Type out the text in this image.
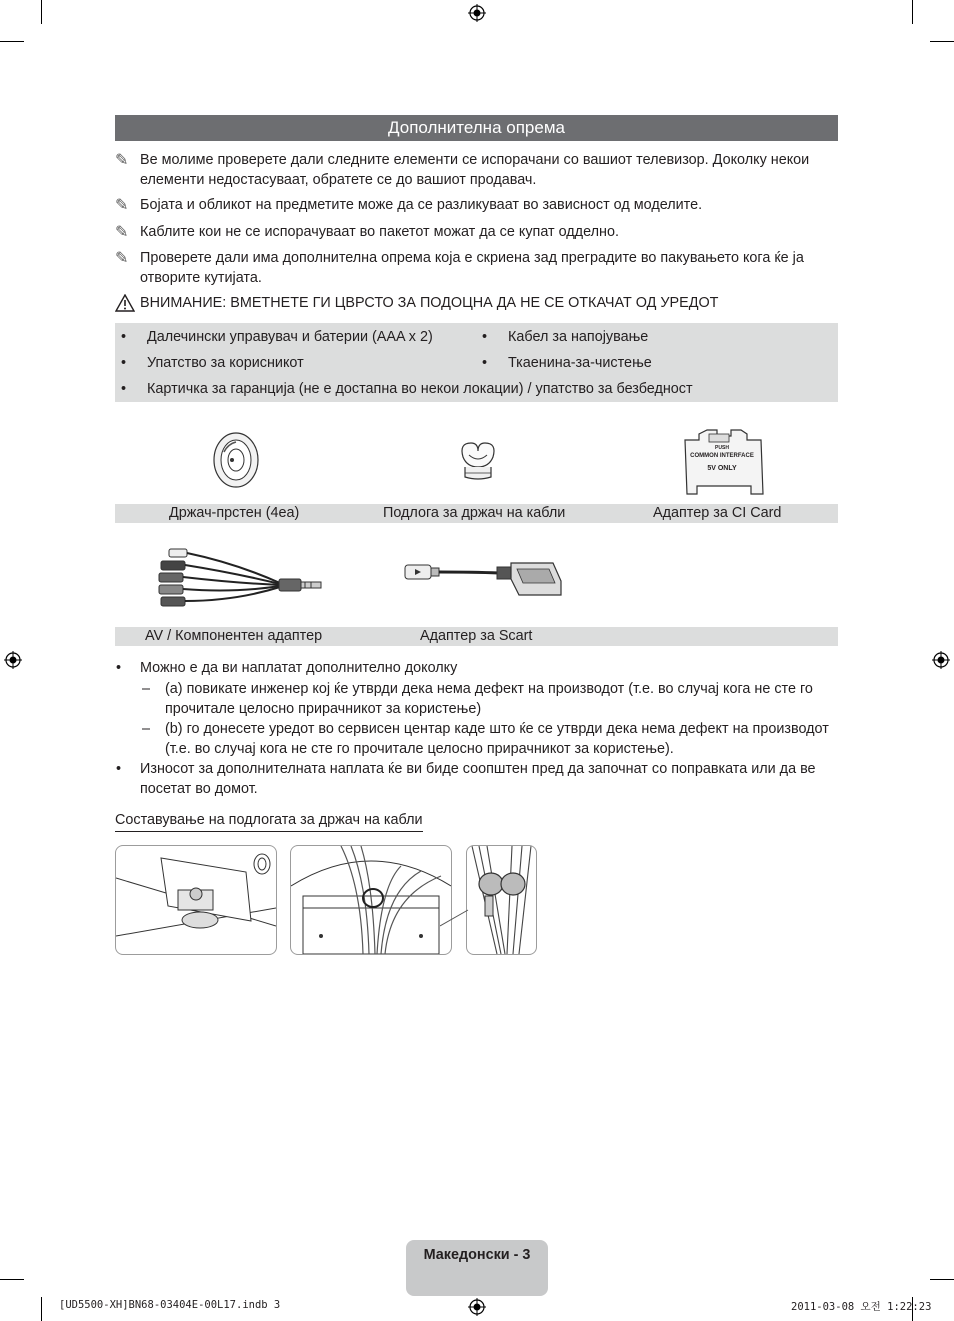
Дополнителна опрема
✎ Ве молиме проверете дали следните елементи се испорачани со вашиот телевизор. Доколку некои елементи недостасуваат, обратете се до вашиот продавач.
✎ Бојата и обликот на предметите може да се разликуваат во зависност од моделите.
✎ Каблите кои не се испорачуваат во пакетот можат да се купат одделно.
✎ Проверете дали има дополнителна опрема која е скриена зад преградите во пакувањето кога ќе ја отворите кутијата.
ВНИМАНИЕ: ВМЕТНЕТЕ ГИ ЦВРСТО ЗА ПОДОЦНА ДА НЕ СЕ ОТКАЧАТ ОД УРЕДОТ
• Далечински управувач и батерии (AAA x 2)
• Упатство за корисникот
• Картичка за гаранција (не е достапна во некои локации) / упатство за безбедност
• Кабел за напојување
• Ткаенина-за-чистење
PUSH
COMMON INTERFACE
5V ONLY
Држач-прстен (4ea)	Подлога за држач на кабли	Адаптер за CI Card
AV / Компонентен адаптер	Адаптер за Scart
• Можно е да ви наплатат дополнително доколку
– (a) повикате инженер кој ќе утврди дека нема дефект на производот (т.е. во случај кога не сте го прочитале целосно прирачникот за користење)
– (b) го донесете уредот во сервисен центар каде што ќе се утврди дека нема дефект на производот (т.е. во случај кога не сте го прочитале целосно прирачникот за користење).
• Износот за дополнителната наплата ќе ви биде соопштен пред да започнат со поправката или да ве посетат во домот.
Составување на подлогата за држач на кабли
Македонски - 3
[UD5500-XH]BN68-03404E-00L17.indb 3	2011-03-08 오전 1:22:23
